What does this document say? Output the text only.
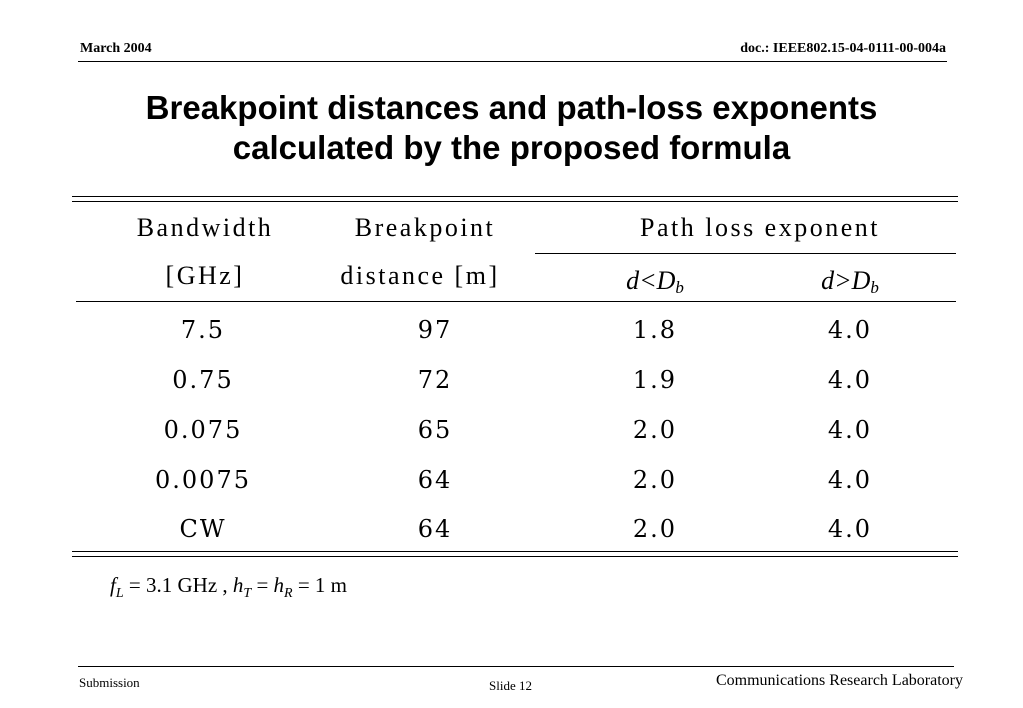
March 2004	doc.: IEEE802.15-04-0111-00-004a
Breakpoint distances and path-loss exponents
calculated by the proposed formula
Bandwidth
[GHz]
Breakpoint
distance [m]
Path loss exponent
$d<D_b$	$d>D_b$
7.5	97	1.8	4.0
0.75	72	1.9	4.0
0.075	65	2.0	4.0
0.0075	64	2.0	4.0
CW	64	2.0	4.0
$f_L = 3.1$ GHz , $h_T = h_R = 1$ m
Submission	Slide 12	Communications Research Laboratory
